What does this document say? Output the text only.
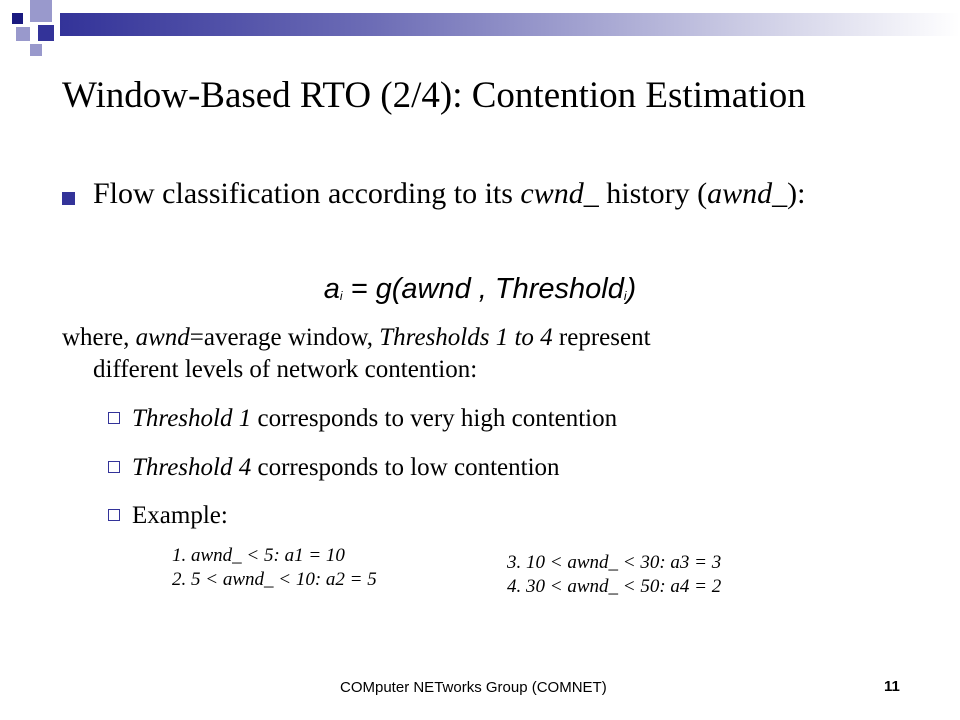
Window-Based RTO (2/4): Contention Estimation
Flow classification according to its cwnd_ history (awnd_):
$a_i$ = g(awnd , Threshold$_i$)
where, awnd=average window, Thresholds 1 to 4 represent
different levels of network contention:
Threshold 1 corresponds to very high contention
Threshold 4 corresponds to low contention
Example:
1. awnd_ < 5: a1 = 10
2. 5 < awnd_ < 10: a2 = 5
3. 10 < awnd_ < 30: a3 = 3
4. 30 < awnd_ < 50: a4 = 2
COMputer NETworks Group (COMNET)	11
